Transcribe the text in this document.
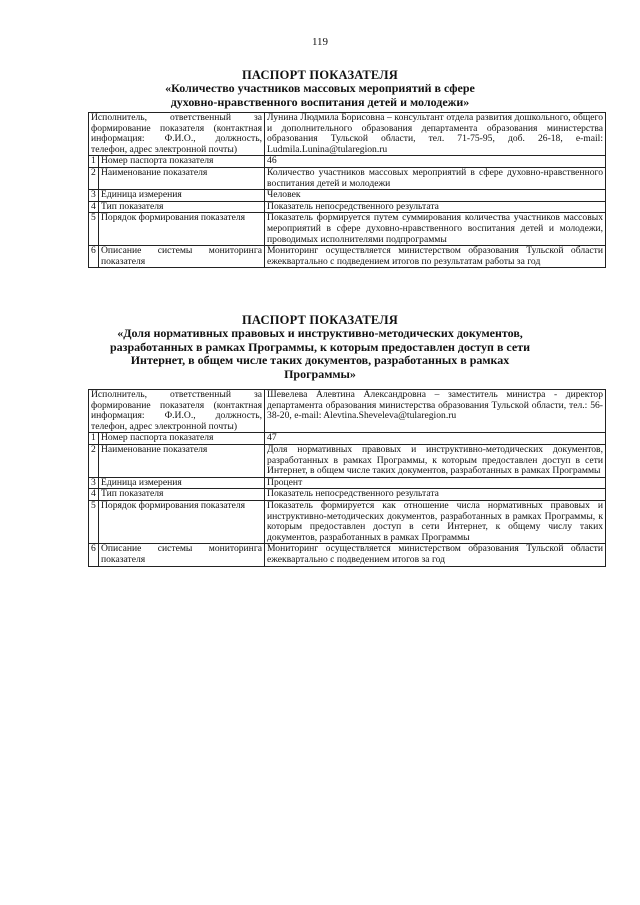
119
ПАСПОРТ ПОКАЗАТЕЛЯ
«Количество участников массовых мероприятий в сфере
духовно-нравственного воспитания детей и молодежи»
Исполнитель, ответственный за формирование показателя (контактная информация: Ф.И.О., должность, телефон, адрес электронной почты)		Лунина Людмила Борисовна – консультант отдела развития дошкольного, общего и дополнительного образования департамента образования министерства образования Тульской области, тел. 71-75-95, доб. 26-18, e-mail: Ludmila.Lunina@tularegion.ru
1	Номер паспорта показателя	46
2	Наименование показателя	Количество участников массовых мероприятий в сфере духовно-нравственного воспитания детей и молодежи
3	Единица измерения	Человек
4	Тип показателя	Показатель непосредственного результата
5	Порядок формирования показателя	Показатель формируется путем суммирования количества участников массовых мероприятий в сфере духовно-нравственного воспитания детей и молодежи, проводимых исполнителями подпрограммы
6	Описание системы мониторинга показателя	Мониторинг осуществляется министерством образования Тульской области ежеквартально с подведением итогов по результатам работы за год
ПАСПОРТ ПОКАЗАТЕЛЯ
«Доля нормативных правовых и инструктивно-методических документов,
разработанных в рамках Программы, к которым предоставлен доступ в сети
Интернет, в общем числе таких документов, разработанных в рамках
Программы»
Исполнитель, ответственный за формирование показателя (контактная информация: Ф.И.О., должность, телефон, адрес электронной почты)		Шевелева Алевтина Александровна – заместитель министра - директор департамента образования министерства образования Тульской области, тел.: 56-38-20, e-mail: Alevtina.Sheveleva@tularegion.ru
1	Номер паспорта показателя	47
2	Наименование показателя	Доля нормативных правовых и инструктивно-методических документов, разработанных в рамках Программы, к которым предоставлен доступ в сети Интернет, в общем числе таких документов, разработанных в рамках Программы
3	Единица измерения	Процент
4	Тип показателя	Показатель непосредственного результата
5	Порядок формирования показателя	Показатель формируется как отношение числа нормативных правовых и инструктивно-методических документов, разработанных в рамках Программы, к которым предоставлен доступ в сети Интернет, к общему числу таких документов, разработанных в рамках Программы
6	Описание системы мониторинга показателя	Мониторинг осуществляется министерством образования Тульской области ежеквартально с подведением итогов за год
